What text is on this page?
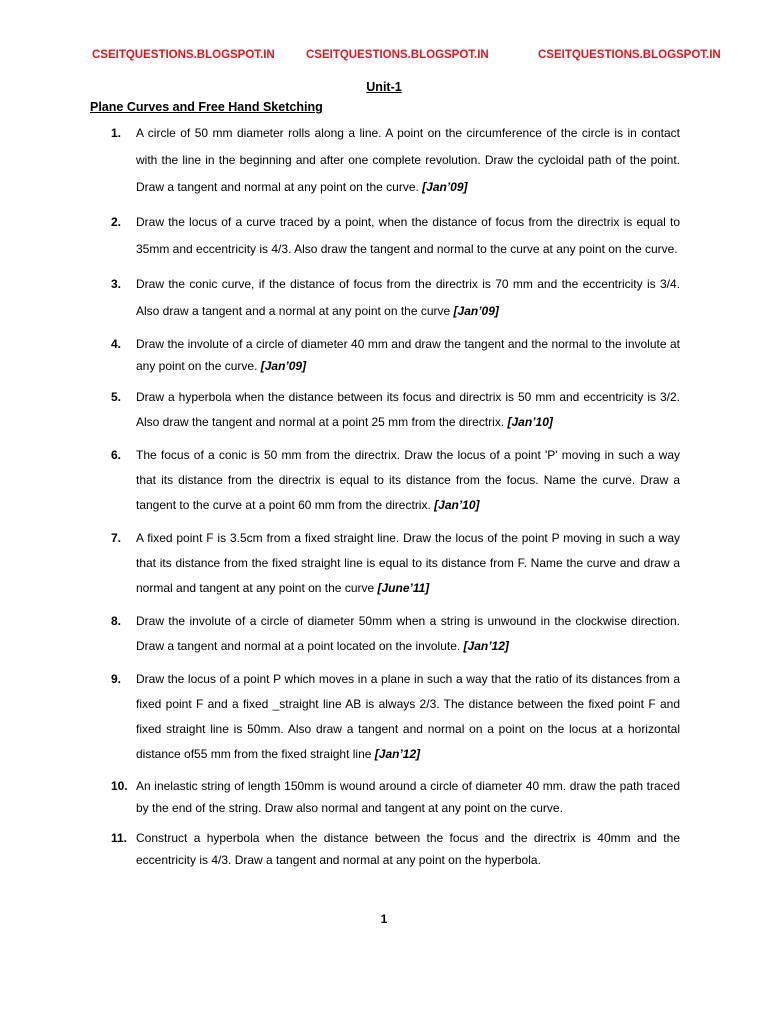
CSEITQUESTIONS.BLOGSPOT.IN	CSEITQUESTIONS.BLOGSPOT.IN	CSEITQUESTIONS.BLOGSPOT.IN
Unit-1
Plane Curves and Free Hand Sketching
1. A circle of 50 mm diameter rolls along a line. A point on the circumference of the circle is in contact with the line in the beginning and after one complete revolution. Draw the cycloidal path of the point. Draw a tangent and normal at any point on the curve. [Jan’09]
2. Draw the locus of a curve traced by a point, when the distance of focus from the directrix is equal to 35mm and eccentricity is 4/3. Also draw the tangent and normal to the curve at any point on the curve.
3. Draw the conic curve, if the distance of focus from the directrix is 70 mm and the eccentricity is 3/4. Also draw a tangent and a normal at any point on the curve [Jan’09]
4. Draw the involute of a circle of diameter 40 mm and draw the tangent and the normal to the involute at any point on the curve. [Jan’09]
5. Draw a hyperbola when the distance between its focus and directrix is 50 mm and eccentricity is 3/2. Also draw the tangent and normal at a point 25 mm from the directrix. [Jan’10]
6. The focus of a conic is 50 mm from the directrix. Draw the locus of a point 'P' moving in such a way that its distance from the directrix is equal to its distance from the focus. Name the curve. Draw a tangent to the curve at a point 60 mm from the directrix. [Jan’10]
7. A fixed point F is 3.5cm from a fixed straight line. Draw the locus of the point P moving in such a way that its distance from the fixed straight line is equal to its distance from F. Name the curve and draw a normal and tangent at any point on the curve [June’11]
8. Draw the involute of a circle of diameter 50mm when a string is unwound in the clockwise direction. Draw a tangent and normal at a point located on the involute. [Jan’12]
9. Draw the locus of a point P which moves in a plane in such a way that the ratio of its distances from a fixed point F and a fixed _straight line AB is always 2/3. The distance between the fixed point F and fixed straight line is 50mm. Also draw a tangent and normal on a point on the locus at a horizontal distance of55 mm from the fixed straight line [Jan’12]
10. An inelastic string of length 150mm is wound around a circle of diameter 40 mm. draw the path traced by the end of the string. Draw also normal and tangent at any point on the curve.
11. Construct a hyperbola when the distance between the focus and the directrix is 40mm and the eccentricity is 4/3. Draw a tangent and normal at any point on the hyperbola.
1
